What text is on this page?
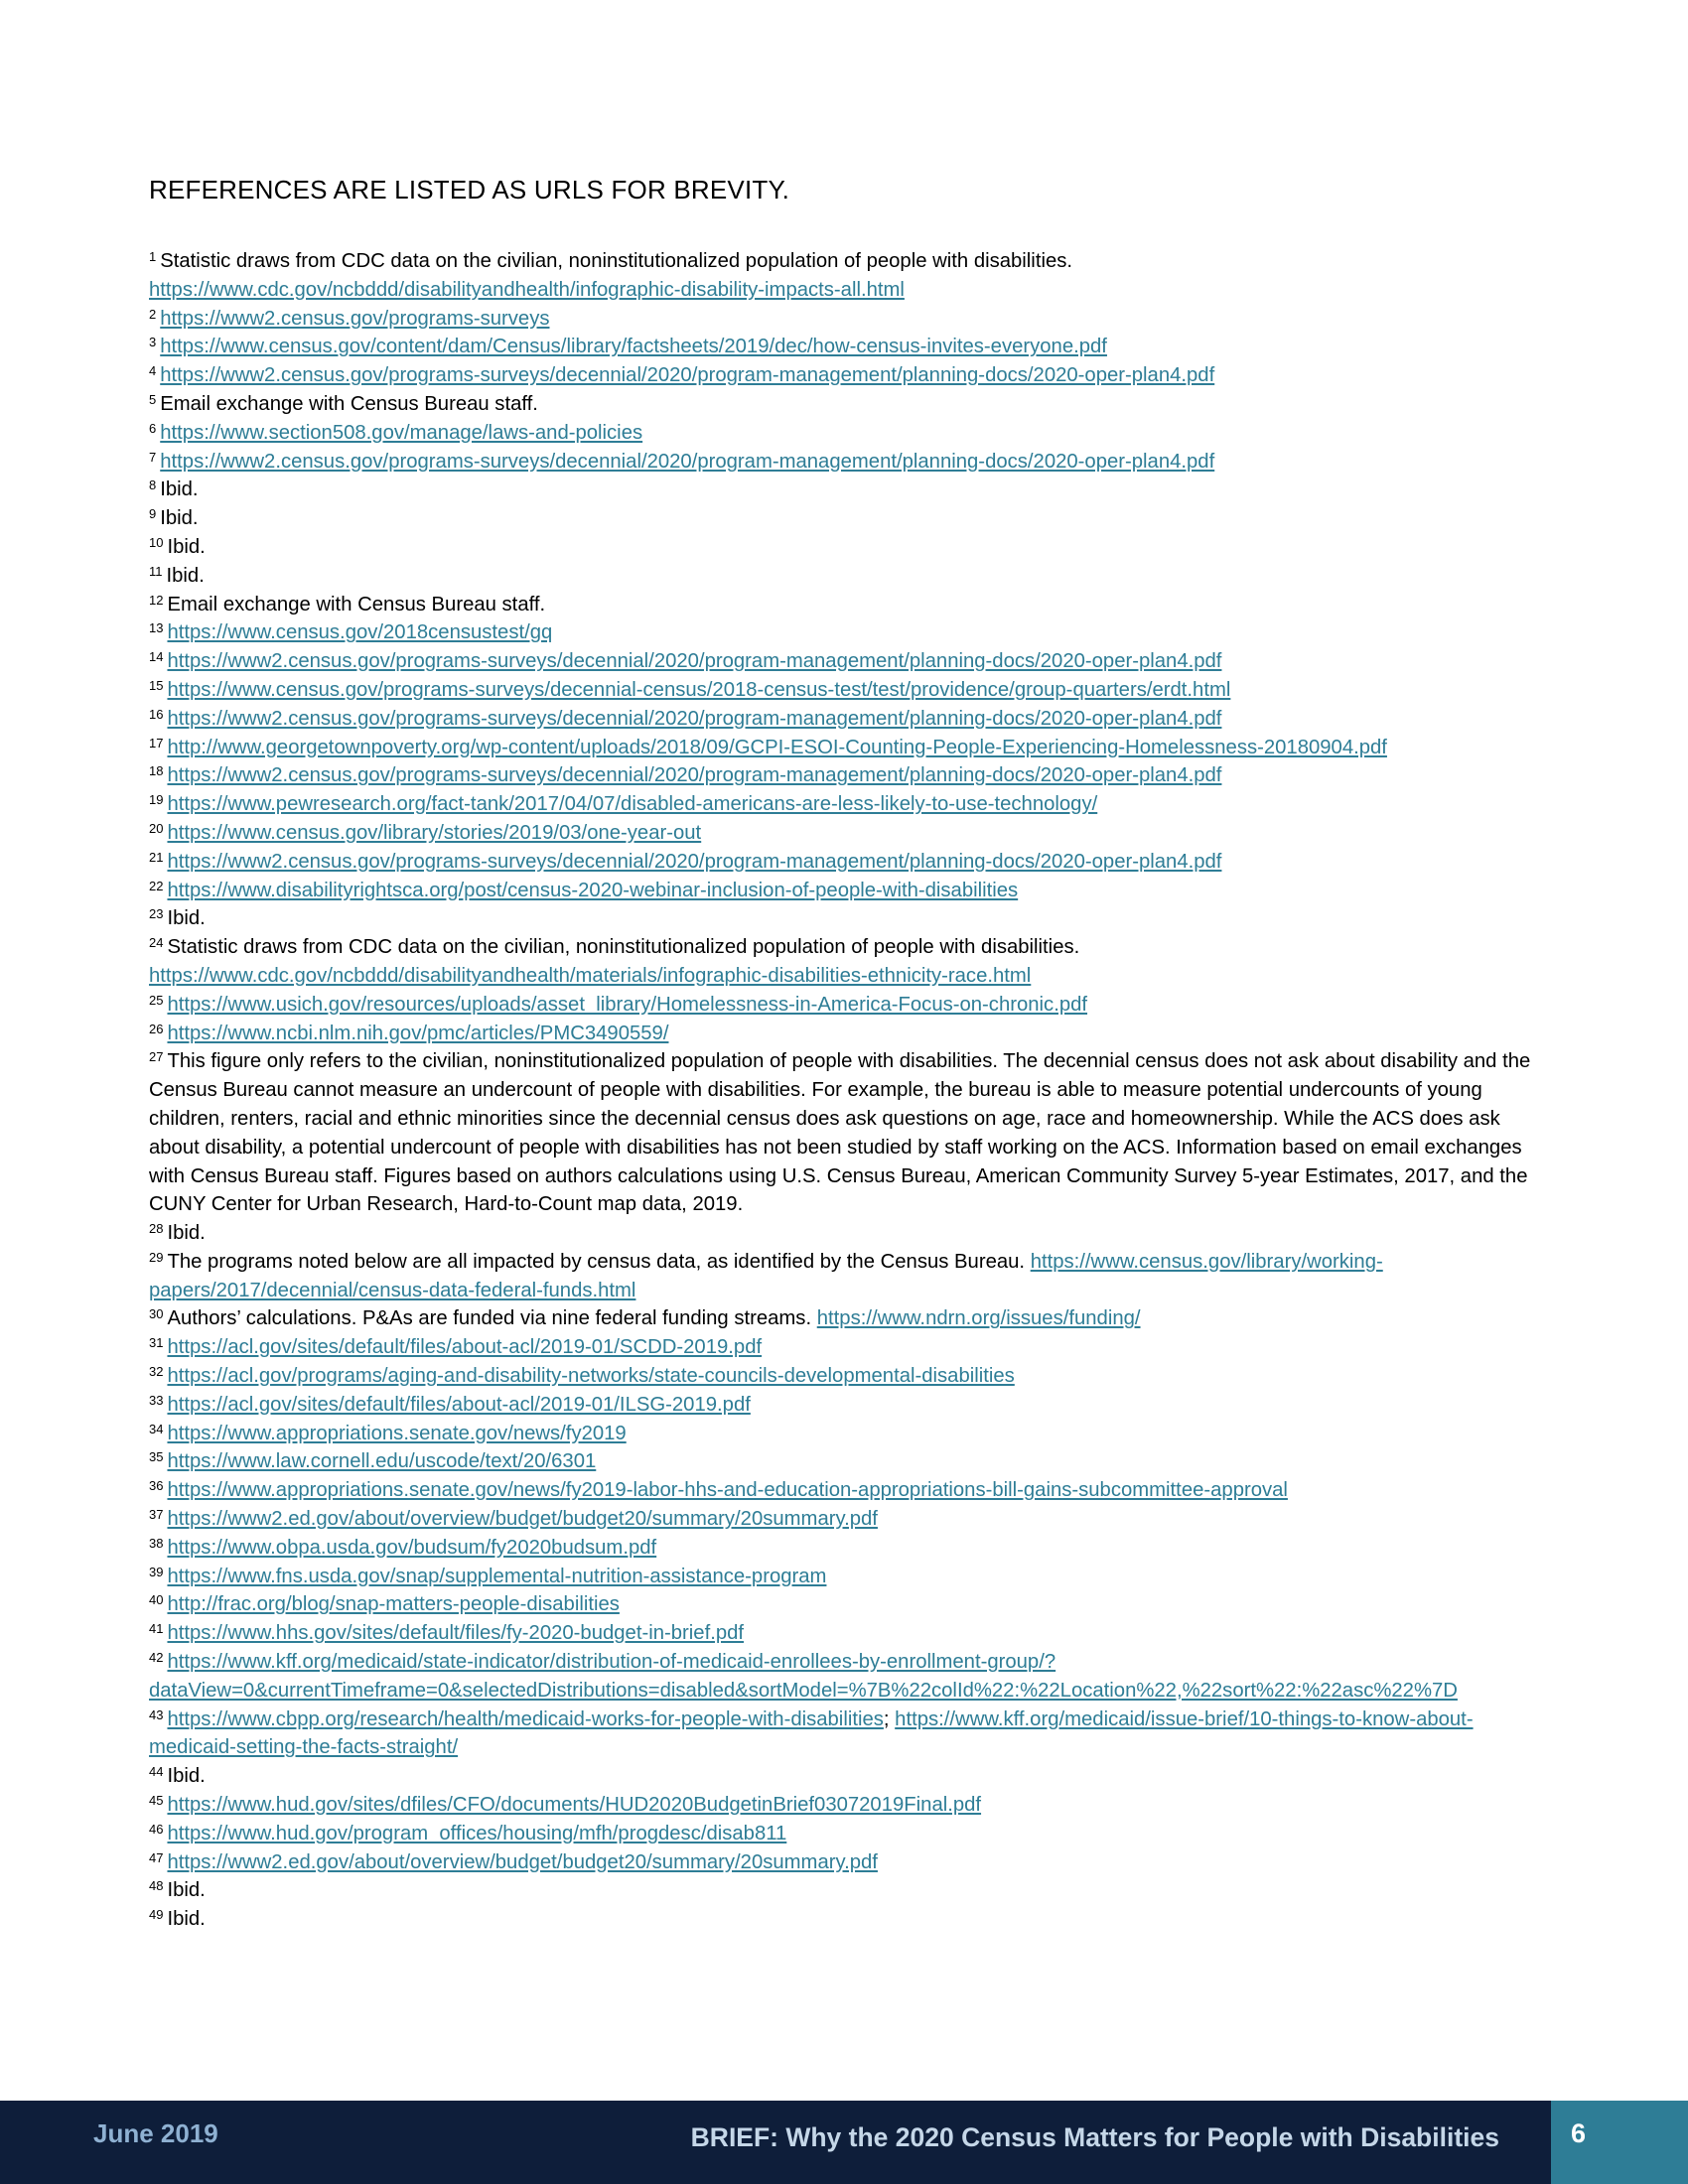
REFERENCES ARE LISTED AS URLS FOR BREVITY.

$^1$ Statistic draws from CDC data on the civilian, noninstitutionalized population of people with disabilities. https://www.cdc.gov/ncbddd/disabilityandhealth/infographic-disability-impacts-all.html

$^2$ https://www2.census.gov/programs-surveys

$^3$ https://www.census.gov/content/dam/Census/library/factsheets/2019/dec/how-census-invites-everyone.pdf

$^4$ https://www2.census.gov/programs-surveys/decennial/2020/program-management/planning-docs/2020-oper-plan4.pdf

$^5$ Email exchange with Census Bureau staff.

$^6$ https://www.section508.gov/manage/laws-and-policies

$^7$ https://www2.census.gov/programs-surveys/decennial/2020/program-management/planning-docs/2020-oper-plan4.pdf

$^8$ Ibid.

$^9$ Ibid.

$^{10}$ Ibid.

$^{11}$ Ibid.

$^{12}$ Email exchange with Census Bureau staff.

$^{13}$ https://www.census.gov/2018censustest/gq

$^{14}$ https://www2.census.gov/programs-surveys/decennial/2020/program-management/planning-docs/2020-oper-plan4.pdf

$^{15}$ https://www.census.gov/programs-surveys/decennial-census/2018-census-test/test/providence/group-quarters/erdt.html

$^{16}$ https://www2.census.gov/programs-surveys/decennial/2020/program-management/planning-docs/2020-oper-plan4.pdf

$^{17}$ http://www.georgetownpoverty.org/wp-content/uploads/2018/09/GCPI-ESOI-Counting-People-Experiencing-Homelessness-20180904.pdf

$^{18}$ https://www2.census.gov/programs-surveys/decennial/2020/program-management/planning-docs/2020-oper-plan4.pdf

$^{19}$ https://www.pewresearch.org/fact-tank/2017/04/07/disabled-americans-are-less-likely-to-use-technology/

$^{20}$ https://www.census.gov/library/stories/2019/03/one-year-out

$^{21}$ https://www2.census.gov/programs-surveys/decennial/2020/program-management/planning-docs/2020-oper-plan4.pdf

$^{22}$ https://www.disabilityrightsca.org/post/census-2020-webinar-inclusion-of-people-with-disabilities

$^{23}$ Ibid.

$^{24}$ Statistic draws from CDC data on the civilian, noninstitutionalized population of people with disabilities. https://www.cdc.gov/ncbddd/disabilityandhealth/materials/infographic-disabilities-ethnicity-race.html

$^{25}$ https://www.usich.gov/resources/uploads/asset_library/Homelessness-in-America-Focus-on-chronic.pdf

$^{26}$ https://www.ncbi.nlm.nih.gov/pmc/articles/PMC3490559/

$^{27}$ This figure only refers to the civilian, noninstitutionalized population of people with disabilities. The decennial census does not ask about disability and the Census Bureau cannot measure an undercount of people with disabilities. For example, the bureau is able to measure potential undercounts of young children, renters, racial and ethnic minorities since the decennial census does ask questions on age, race and homeownership. While the ACS does ask about disability, a potential undercount of people with disabilities has not been studied by staff working on the ACS. Information based on email exchanges with Census Bureau staff. Figures based on authors calculations using U.S. Census Bureau, American Community Survey 5-year Estimates, 2017, and the CUNY Center for Urban Research, Hard-to-Count map data, 2019.

$^{28}$ Ibid.

$^{29}$ The programs noted below are all impacted by census data, as identified by the Census Bureau. https://www.census.gov/library/working-papers/2017/decennial/census-data-federal-funds.html

$^{30}$ Authors’ calculations. P&As are funded via nine federal funding streams. https://www.ndrn.org/issues/funding/

$^{31}$ https://acl.gov/sites/default/files/about-acl/2019-01/SCDD-2019.pdf

$^{32}$ https://acl.gov/programs/aging-and-disability-networks/state-councils-developmental-disabilities

$^{33}$ https://acl.gov/sites/default/files/about-acl/2019-01/ILSG-2019.pdf

$^{34}$ https://www.appropriations.senate.gov/news/fy2019

$^{35}$ https://www.law.cornell.edu/uscode/text/20/6301

$^{36}$ https://www.appropriations.senate.gov/news/fy2019-labor-hhs-and-education-appropriations-bill-gains-subcommittee-approval

$^{37}$ https://www2.ed.gov/about/overview/budget/budget20/summary/20summary.pdf

$^{38}$ https://www.obpa.usda.gov/budsum/fy2020budsum.pdf

$^{39}$ https://www.fns.usda.gov/snap/supplemental-nutrition-assistance-program

$^{40}$ http://frac.org/blog/snap-matters-people-disabilities

$^{41}$ https://www.hhs.gov/sites/default/files/fy-2020-budget-in-brief.pdf

$^{42}$ https://www.kff.org/medicaid/state-indicator/distribution-of-medicaid-enrollees-by-enrollment-group/?dataView=0&currentTimeframe=0&selectedDistributions=disabled&sortModel=%7B%22colId%22:%22Location%22,%22sort%22:%22asc%22%7D

$^{43}$ https://www.cbpp.org/research/health/medicaid-works-for-people-with-disabilities; https://www.kff.org/medicaid/issue-brief/10-things-to-know-about-medicaid-setting-the-facts-straight/

$^{44}$ Ibid.

$^{45}$ https://www.hud.gov/sites/dfiles/CFO/documents/HUD2020BudgetinBrief03072019Final.pdf

$^{46}$ https://www.hud.gov/program_offices/housing/mfh/progdesc/disab811

$^{47}$ https://www2.ed.gov/about/overview/budget/budget20/summary/20summary.pdf

$^{48}$ Ibid.

$^{49}$ Ibid.

June 2019	BRIEF: Why the 2020 Census Matters for People with Disabilities	6
